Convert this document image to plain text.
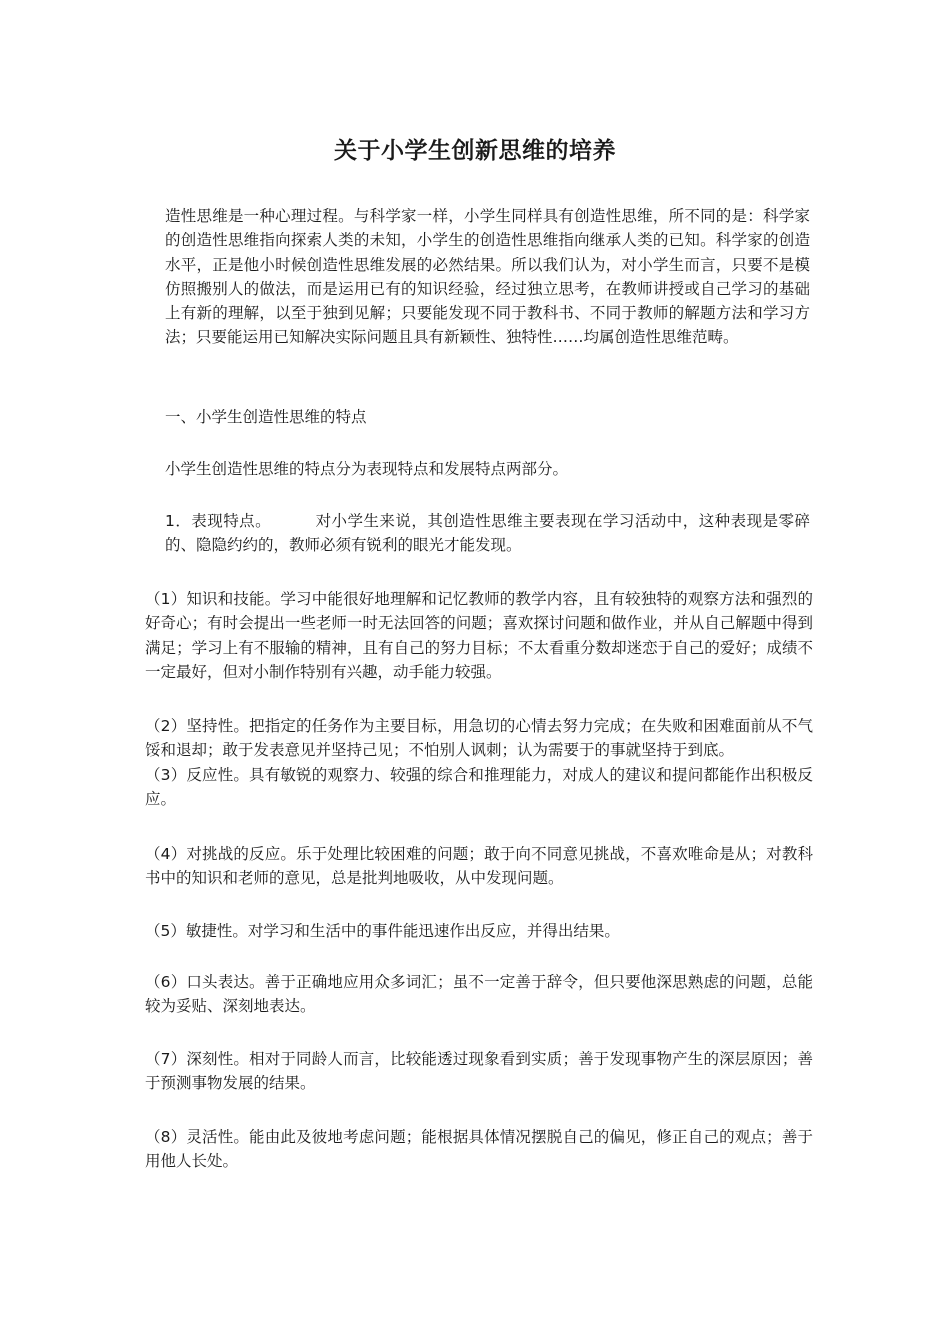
关于小学生创新思维的培养

造性思维是一种心理过程。与科学家一样，小学生同样具有创造性思维，所不同的是：科学家的创造性思维指向探索人类的未知，小学生的创造性思维指向继承人类的已知。科学家的创造水平，正是他小时候创造性思维发展的必然结果。所以我们认为，对小学生而言，只要不是模仿照搬别人的做法，而是运用已有的知识经验，经过独立思考，在教师讲授或自己学习的基础上有新的理解，以至于独到见解；只要能发现不同于教科书、不同于教师的解题方法和学习方法；只要能运用已知解决实际问题且具有新颖性、独特性……均属创造性思维范畴。

一、小学生创造性思维的特点

小学生创造性思维的特点分为表现特点和发展特点两部分。

1．表现特点。	对小学生来说，其创造性思维主要表现在学习活动中，这种表现是零碎的、隐隐约约的，教师必须有锐利的眼光才能发现。

（1）知识和技能。学习中能很好地理解和记忆教师的教学内容，且有较独特的观察方法和强烈的好奇心；有时会提出一些老师一时无法回答的问题；喜欢探讨问题和做作业，并从自己解题中得到满足；学习上有不服输的精神，且有自己的努力目标；不太看重分数却迷恋于自己的爱好；成绩不一定最好，但对小制作特别有兴趣，动手能力较强。

（2）坚持性。把指定的任务作为主要目标，用急切的心情去努力完成；在失败和困难面前从不气馁和退却；敢于发表意见并坚持己见；不怕别人讽刺；认为需要于的事就坚持于到底。

（3）反应性。具有敏锐的观察力、较强的综合和推理能力，对成人的建议和提问都能作出积极反应。

（4）对挑战的反应。乐于处理比较困难的问题；敢于向不同意见挑战，不喜欢唯命是从；对教科书中的知识和老师的意见，总是批判地吸收，从中发现问题。

（5）敏捷性。对学习和生活中的事件能迅速作出反应，并得出结果。

（6）口头表达。善于正确地应用众多词汇；虽不一定善于辞令，但只要他深思熟虑的问题，总能较为妥贴、深刻地表达。

（7）深刻性。相对于同龄人而言，比较能透过现象看到实质；善于发现事物产生的深层原因；善于预测事物发展的结果。

（8）灵活性。能由此及彼地考虑问题；能根据具体情况摆脱自己的偏见，修正自己的观点；善于用他人长处。
